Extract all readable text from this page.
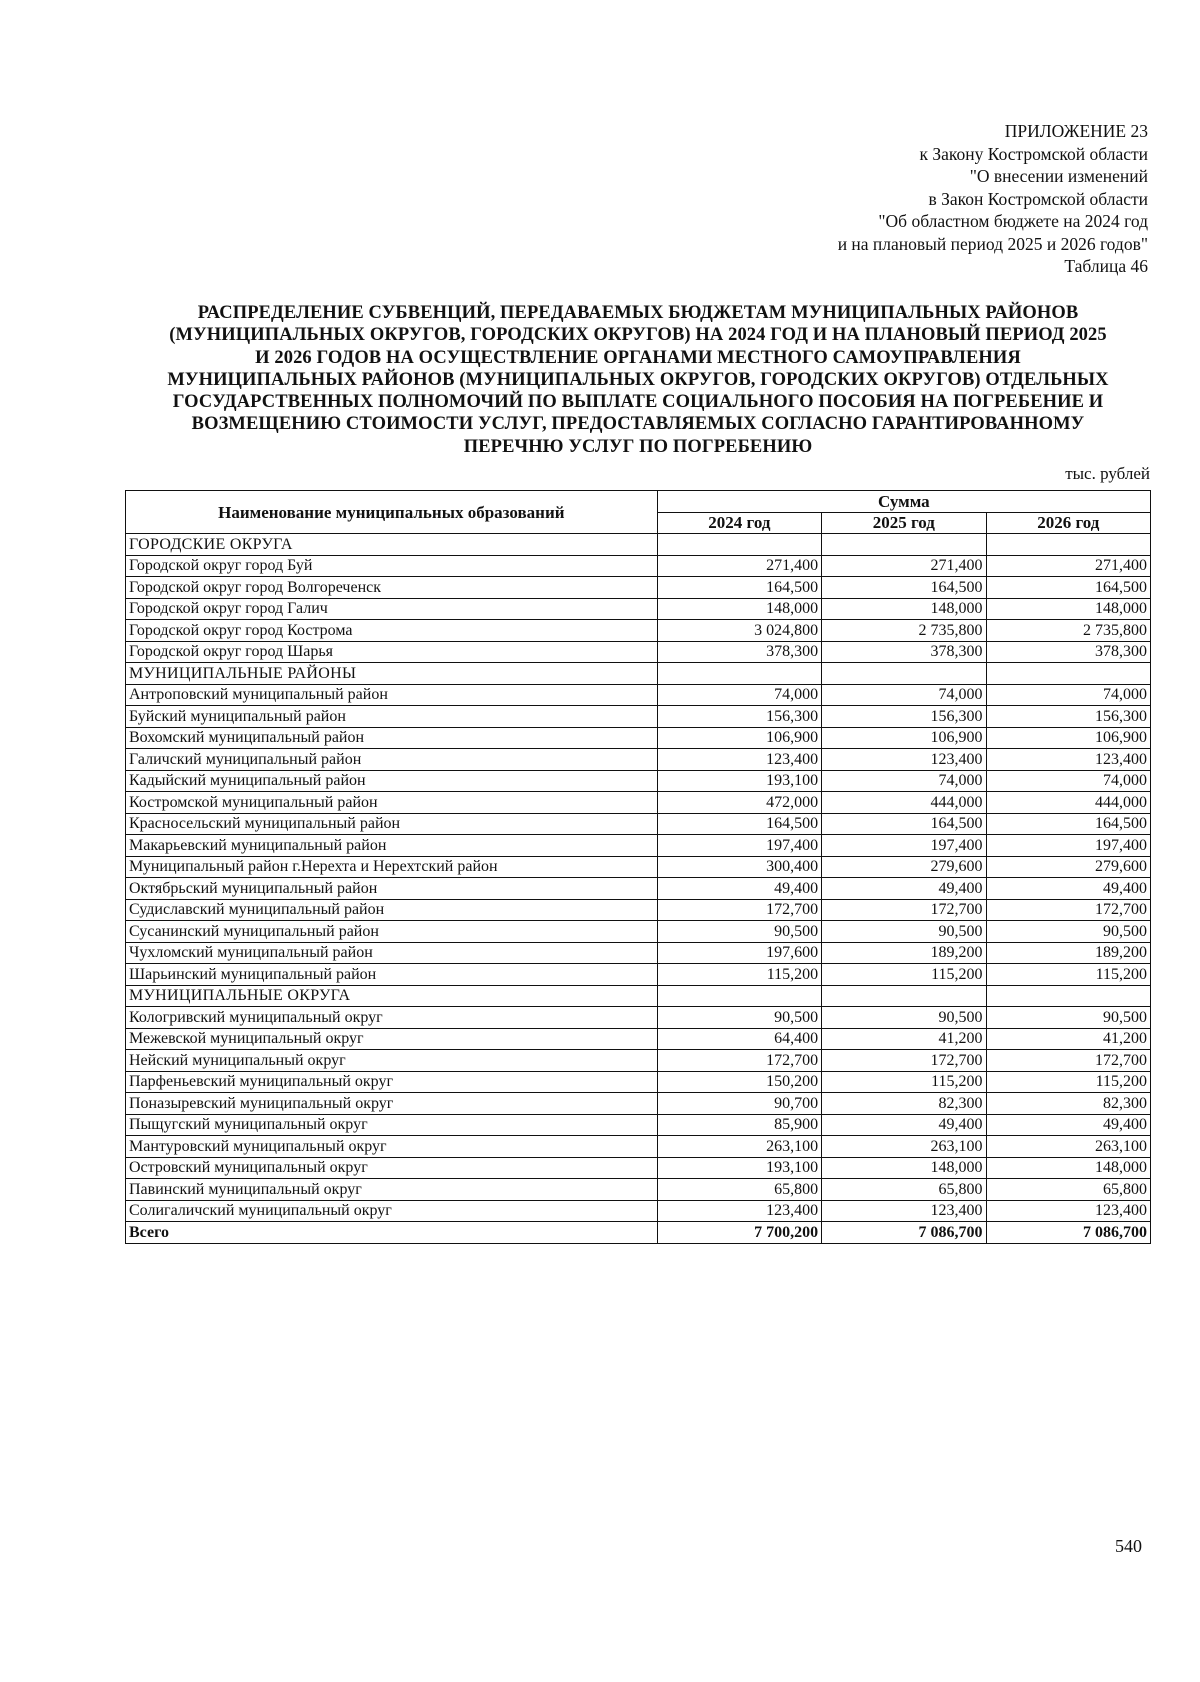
ПРИЛОЖЕНИЕ 23
к Закону Костромской области
"О внесении изменений
в Закон Костромской области
"Об областном бюджете на 2024 год
и на плановый период 2025 и 2026 годов"
Таблица 46
РАСПРЕДЕЛЕНИЕ СУБВЕНЦИЙ, ПЕРЕДАВАЕМЫХ БЮДЖЕТАМ МУНИЦИПАЛЬНЫХ РАЙОНОВ
(МУНИЦИПАЛЬНЫХ ОКРУГОВ, ГОРОДСКИХ ОКРУГОВ) НА 2024 ГОД И НА ПЛАНОВЫЙ ПЕРИОД 2025
И 2026 ГОДОВ НА ОСУЩЕСТВЛЕНИЕ ОРГАНАМИ МЕСТНОГО САМОУПРАВЛЕНИЯ
МУНИЦИПАЛЬНЫХ РАЙОНОВ (МУНИЦИПАЛЬНЫХ ОКРУГОВ, ГОРОДСКИХ ОКРУГОВ) ОТДЕЛЬНЫХ
ГОСУДАРСТВЕННЫХ ПОЛНОМОЧИЙ ПО ВЫПЛАТЕ СОЦИАЛЬНОГО ПОСОБИЯ НА ПОГРЕБЕНИЕ И
ВОЗМЕЩЕНИЮ СТОИМОСТИ УСЛУГ, ПРЕДОСТАВЛЯЕМЫХ СОГЛАСНО ГАРАНТИРОВАННОМУ
ПЕРЕЧНЮ УСЛУГ ПО ПОГРЕБЕНИЮ
тыс. рублей
Наименование муниципальных образований	Сумма		
	2024 год	2025 год	2026 год
ГОРОДСКИЕ ОКРУГА			
Городской округ город Буй	271,400	271,400	271,400
Городской округ город Волгореченск	164,500	164,500	164,500
Городской округ город Галич	148,000	148,000	148,000
Городской округ город Кострома	3 024,800	2 735,800	2 735,800
Городской округ город Шарья	378,300	378,300	378,300
МУНИЦИПАЛЬНЫЕ РАЙОНЫ			
Антроповский муниципальный район	74,000	74,000	74,000
Буйский муниципальный район	156,300	156,300	156,300
Вохомский муниципальный район	106,900	106,900	106,900
Галичский муниципальный район	123,400	123,400	123,400
Кадыйский муниципальный район	193,100	74,000	74,000
Костромской муниципальный район	472,000	444,000	444,000
Красносельский муниципальный район	164,500	164,500	164,500
Макарьевский муниципальный район	197,400	197,400	197,400
Муниципальный район г.Нерехта и Нерехтский район	300,400	279,600	279,600
Октябрьский муниципальный район	49,400	49,400	49,400
Судиславский муниципальный район	172,700	172,700	172,700
Сусанинский муниципальный район	90,500	90,500	90,500
Чухломский муниципальный район	197,600	189,200	189,200
Шарьинский муниципальный район	115,200	115,200	115,200
МУНИЦИПАЛЬНЫЕ ОКРУГА			
Кологривский муниципальный округ	90,500	90,500	90,500
Межевской муниципальный округ	64,400	41,200	41,200
Нейский муниципальный округ	172,700	172,700	172,700
Парфеньевский муниципальный округ	150,200	115,200	115,200
Поназыревский муниципальный округ	90,700	82,300	82,300
Пыщугский муниципальный округ	85,900	49,400	49,400
Мантуровский муниципальный округ	263,100	263,100	263,100
Островский муниципальный округ	193,100	148,000	148,000
Павинский муниципальный округ	65,800	65,800	65,800
Солигаличский муниципальный округ	123,400	123,400	123,400
Всего	7 700,200	7 086,700	7 086,700
540
